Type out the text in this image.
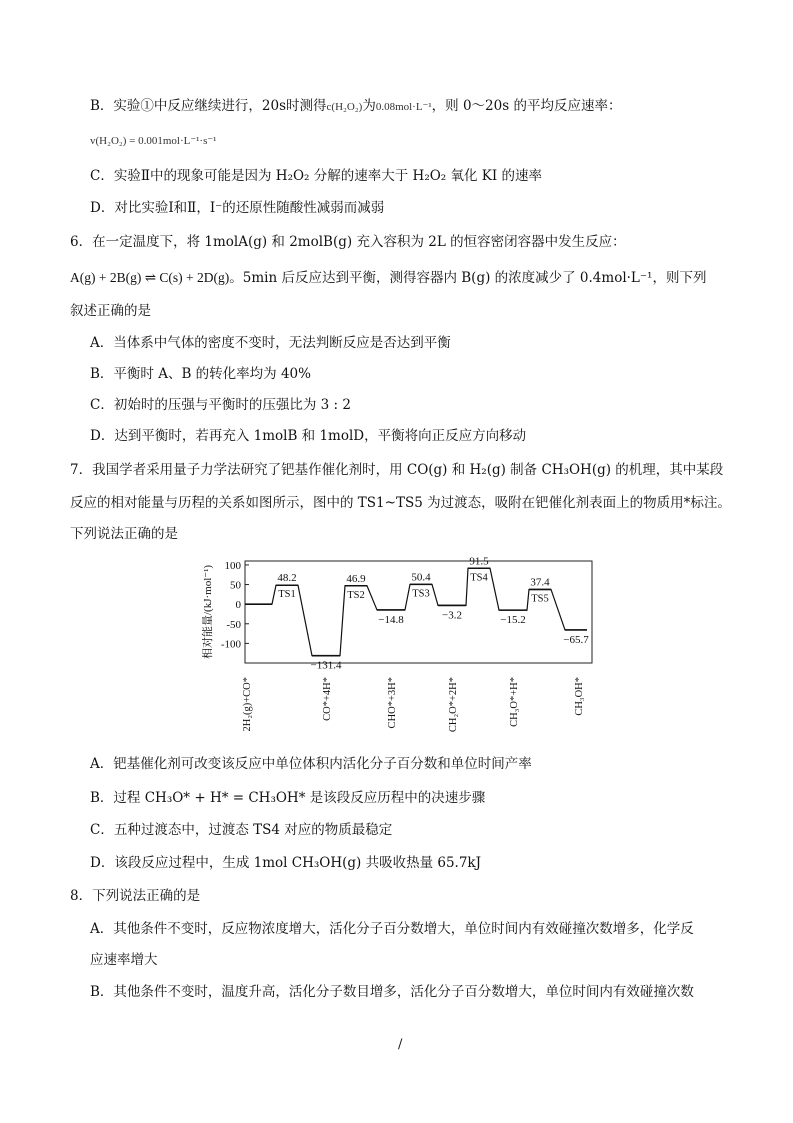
B．实验①中反应继续进行，20s时测得c(H₂O₂)为0.08mol·L⁻¹，则 0～20s 的平均反应速率：
v(H₂O₂) = 0.001mol·L⁻¹·s⁻¹
C．实验Ⅱ中的现象可能是因为 H₂O₂ 分解的速率大于 H₂O₂ 氧化 KI 的速率
D．对比实验Ⅰ和Ⅱ，Ⅰ⁻的还原性随酸性减弱而减弱
6．在一定温度下，将 1molA(g) 和 2molB(g) 充入容积为 2L 的恒容密闭容器中发生反应：
A(g) + 2B(g) ⇌ C(s) + 2D(g)。5min 后反应达到平衡，测得容器内 B(g) 的浓度减少了 0.4mol·L⁻¹，则下列
叙述正确的是
A．当体系中气体的密度不变时，无法判断反应是否达到平衡
B．平衡时 A、B 的转化率均为 40%
C．初始时的压强与平衡时的压强比为 3 : 2
D．达到平衡时，若再充入 1molB 和 1molD，平衡将向正反应方向移动
7．我国学者采用量子力学法研究了钯基作催化剂时，用 CO(g) 和 H₂(g) 制备 CH₃OH(g) 的机理，其中某段
反应的相对能量与历程的关系如图所示，图中的 TS1~TS5 为过渡态，吸附在钯催化剂表面上的物质用*标注。
下列说法正确的是
100
50
0
-50
-100
相对能量/(kJ·mol⁻¹)	48.2
TS1
−131.4
46.9
TS2
−14.8
50.4
TS3
−3.2
91.5
TS4
−15.2
37.4
TS5
−65.7
2H₂(g)+CO*	CO*+4H*	CHO*+3H*	CH₂O*+2H*	CH₃O*+H*	CH₃OH*
A．钯基催化剂可改变该反应中单位体积内活化分子百分数和单位时间产率
B．过程 CH₃O* + H* = CH₃OH* 是该段反应历程中的决速步骤
C．五种过渡态中，过渡态 TS4 对应的物质最稳定
D．该段反应过程中，生成 1mol CH₃OH(g) 共吸收热量 65.7kJ
8．下列说法正确的是
A．其他条件不变时，反应物浓度增大，活化分子百分数增大，单位时间内有效碰撞次数增多，化学反
应速率增大
B．其他条件不变时，温度升高，活化分子数目增多，活化分子百分数增大，单位时间内有效碰撞次数
/
